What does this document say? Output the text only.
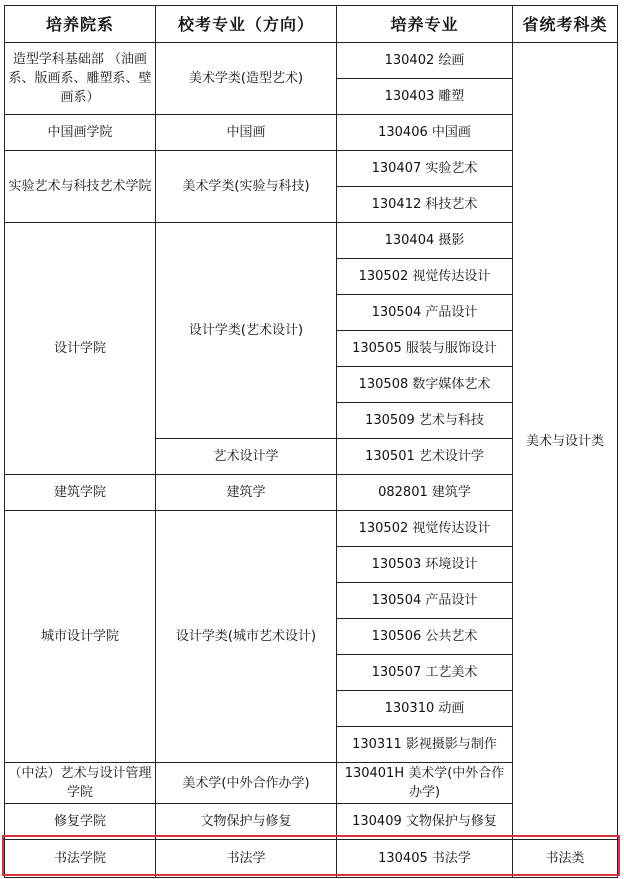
培养院系	校考专业（方向）	培养专业	省统考科类
造型学科基础部 （油画系、版画系、雕塑系、壁画系）	美术学类(造型艺术)	130402 绘画	美术与设计类
		130403 雕塑	
中国画学院	中国画	130406 中国画	
实验艺术与科技艺术学院	美术学类(实验与科技)	130407 实验艺术	
		130412 科技艺术	
设计学院	设计学类(艺术设计)	130404 摄影	
		130502 视觉传达设计	
		130504 产品设计	
		130505 服装与服饰设计	
		130508 数字媒体艺术	
		130509 艺术与科技	
	艺术设计学	130501 艺术设计学	
建筑学院	建筑学	082801 建筑学	
城市设计学院	设计学类(城市艺术设计)	130502 视觉传达设计	
		130503 环境设计	
		130504 产品设计	
		130506 公共艺术	
		130507 工艺美术	
		130310 动画	
		130311 影视摄影与制作	
（中法）艺术与设计管理学院	美术学(中外合作办学)	130401H 美术学(中外合作办学)	
修复学院	文物保护与修复	130409 文物保护与修复	
书法学院	书法学	130405 书法学	书法类
